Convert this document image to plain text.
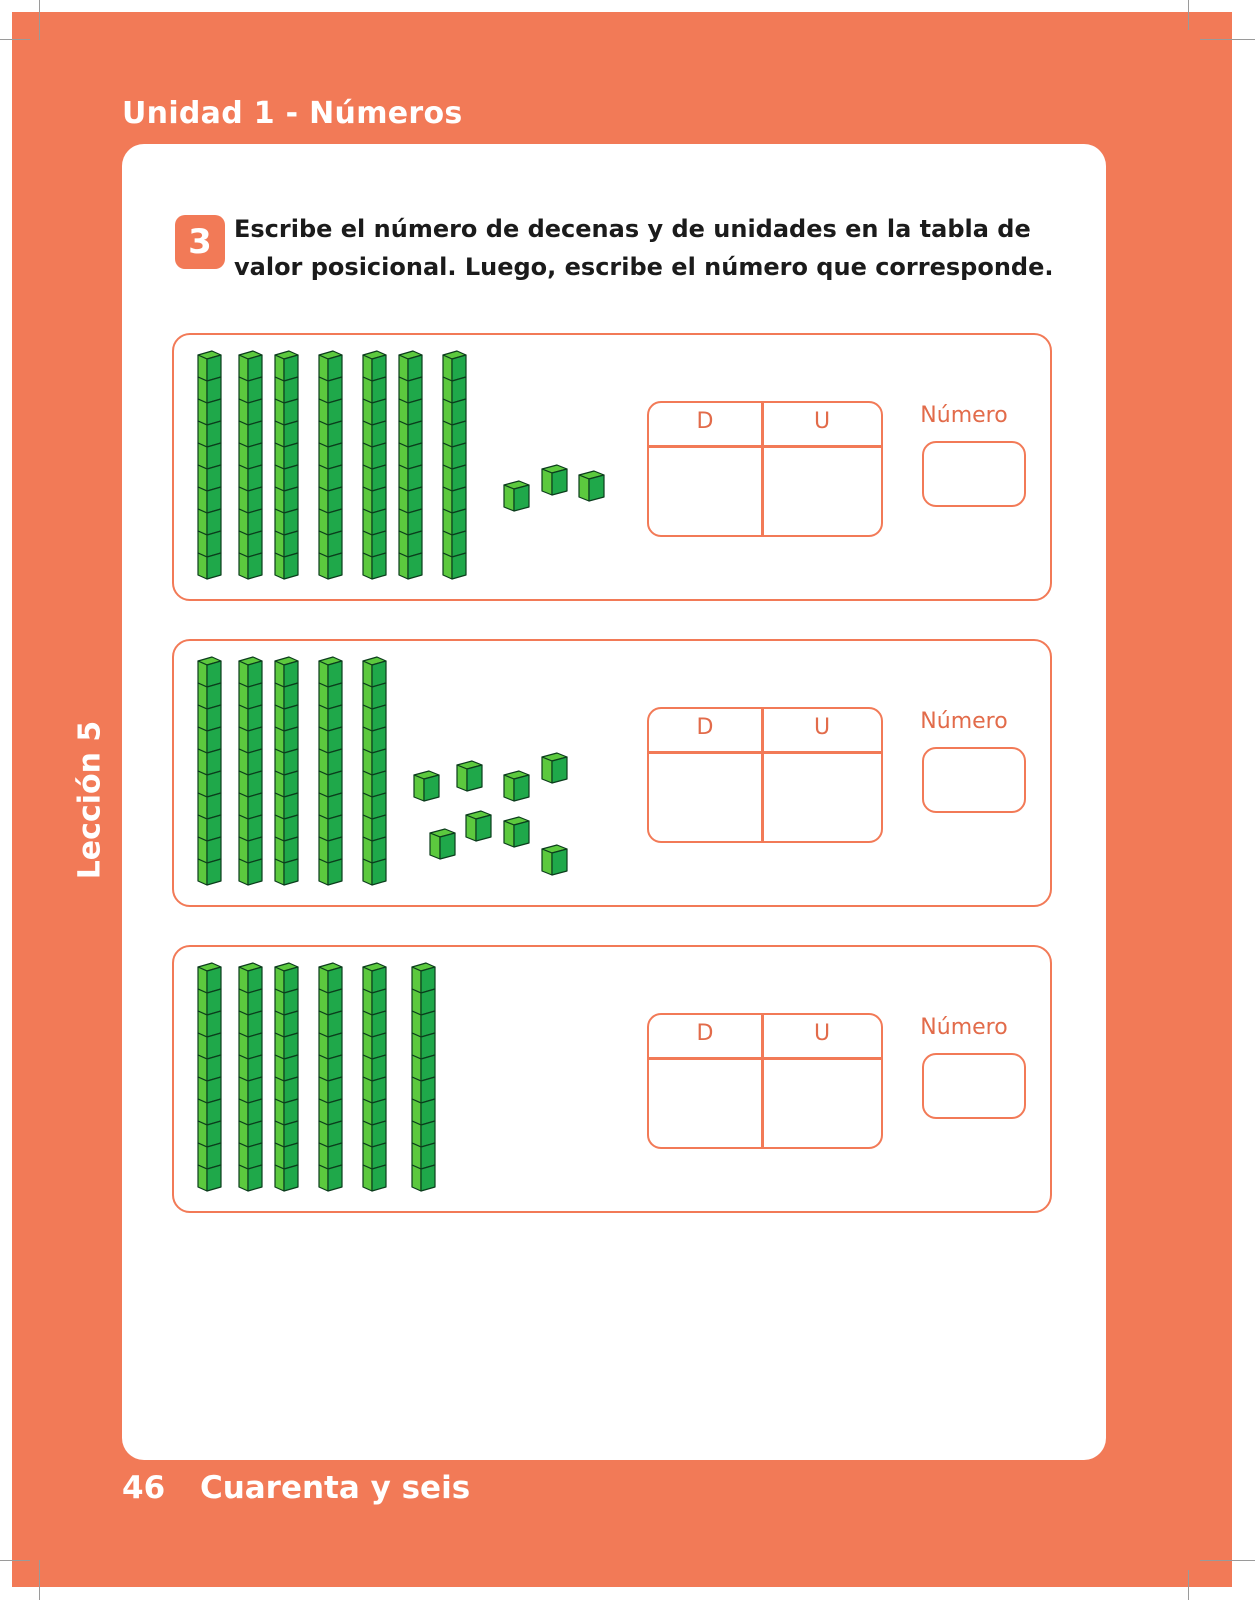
Unidad 1 - Números
Lección 5
3 Escribe el número de decenas y de unidades en la tabla de
valor posicional. Luego, escribe el número que corresponde.
D	U	Número
D	U	Número
D	U	Número
46 Cuarenta y seis
